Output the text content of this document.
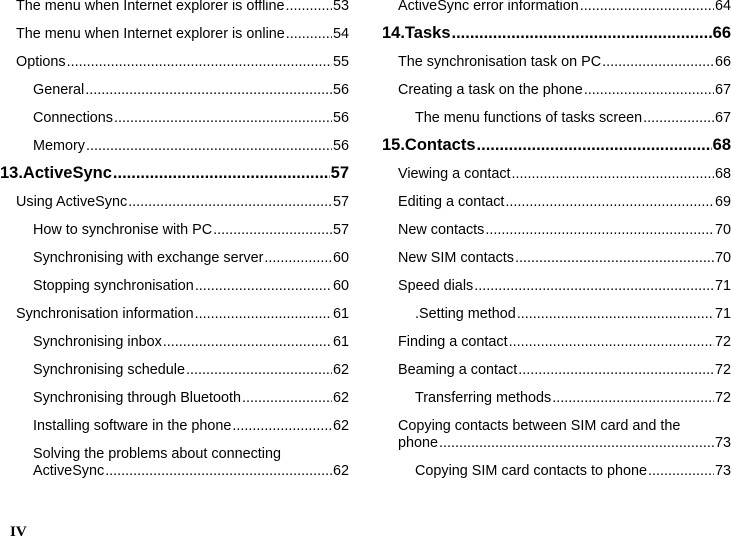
The menu when Internet explorer is offline .....	53
The menu when Internet explorer is online .....	54
Options .....	55
General .....	56
Connections .....	56
Memory .....	56
13.ActiveSync .....	57
Using ActiveSync .....	57
How to synchronise with PC .....	57
Synchronising with exchange server .....	60
Stopping synchronisation .....	60
Synchronisation information .....	61
Synchronising inbox .....	61
Synchronising schedule .....	62
Synchronising through Bluetooth .....	62
Installing software in the phone .....	62
Solving the problems about connecting
ActiveSync .....	62
ActiveSync error information .....	64
14.Tasks .....	66
The synchronisation task on PC .....	66
Creating a task on the phone .....	67
The menu functions of tasks screen .....	67
15.Contacts .....	68
Viewing a contact .....	68
Editing a contact .....	69
New contacts .....	70
New SIM contacts .....	70
Speed dials .....	71
.Setting method .....	71
Finding a contact .....	72
Beaming a contact .....	72
Transferring methods .....	72
Copying contacts between SIM card and the
phone .....	73
Copying SIM card contacts to phone .....	73
IV
